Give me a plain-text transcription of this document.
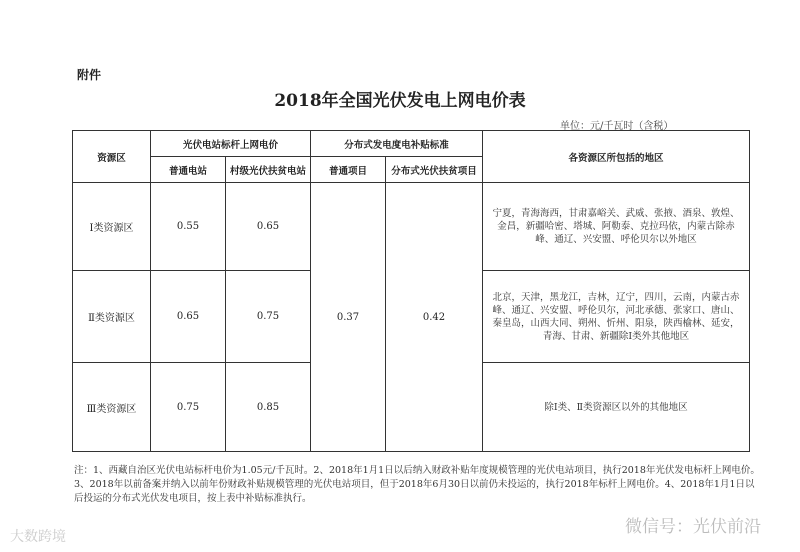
附件
2018年全国光伏发电上网电价表
单位：元/千瓦时（含税）
资源区	光伏电站标杆上网电价		分布式发电度电补贴标准		各资源区所包括的地区
	普通电站	村级光伏扶贫电站	普通项目	分布式光伏扶贫项目	
Ⅰ类资源区	0.55	0.65	0.37	0.42	宁夏，青海海西，甘肃嘉峪关、武威、张掖、酒泉、敦煌、金昌，新疆哈密、塔城、阿勒泰、克拉玛依，内蒙古除赤峰、通辽、兴安盟、呼伦贝尔以外地区
Ⅱ类资源区	0.65	0.75			北京，天津，黑龙江，吉林，辽宁，四川，云南，内蒙古赤峰、通辽、兴安盟、呼伦贝尔，河北承德、张家口、唐山、秦皇岛，山西大同、朔州、忻州、阳泉，陕西榆林、延安，青海、甘肃、新疆除Ⅰ类外其他地区
Ⅲ类资源区	0.75	0.85			除Ⅰ类、Ⅱ类资源区以外的其他地区
注：1、西藏自治区光伏电站标杆电价为1.05元/千瓦时。2、2018年1月1日以后纳入财政补贴年度规模管理的光伏电站项目，执行2018年光伏发电标杆上网电价。3、2018年以前备案并纳入以前年份财政补贴规模管理的光伏电站项目，但于2018年6月30日以前仍未投运的，执行2018年标杆上网电价。4、2018年1月1日以后投运的分布式光伏发电项目，按上表中补贴标准执行。
大数跨境	微信号：光伏前沿
